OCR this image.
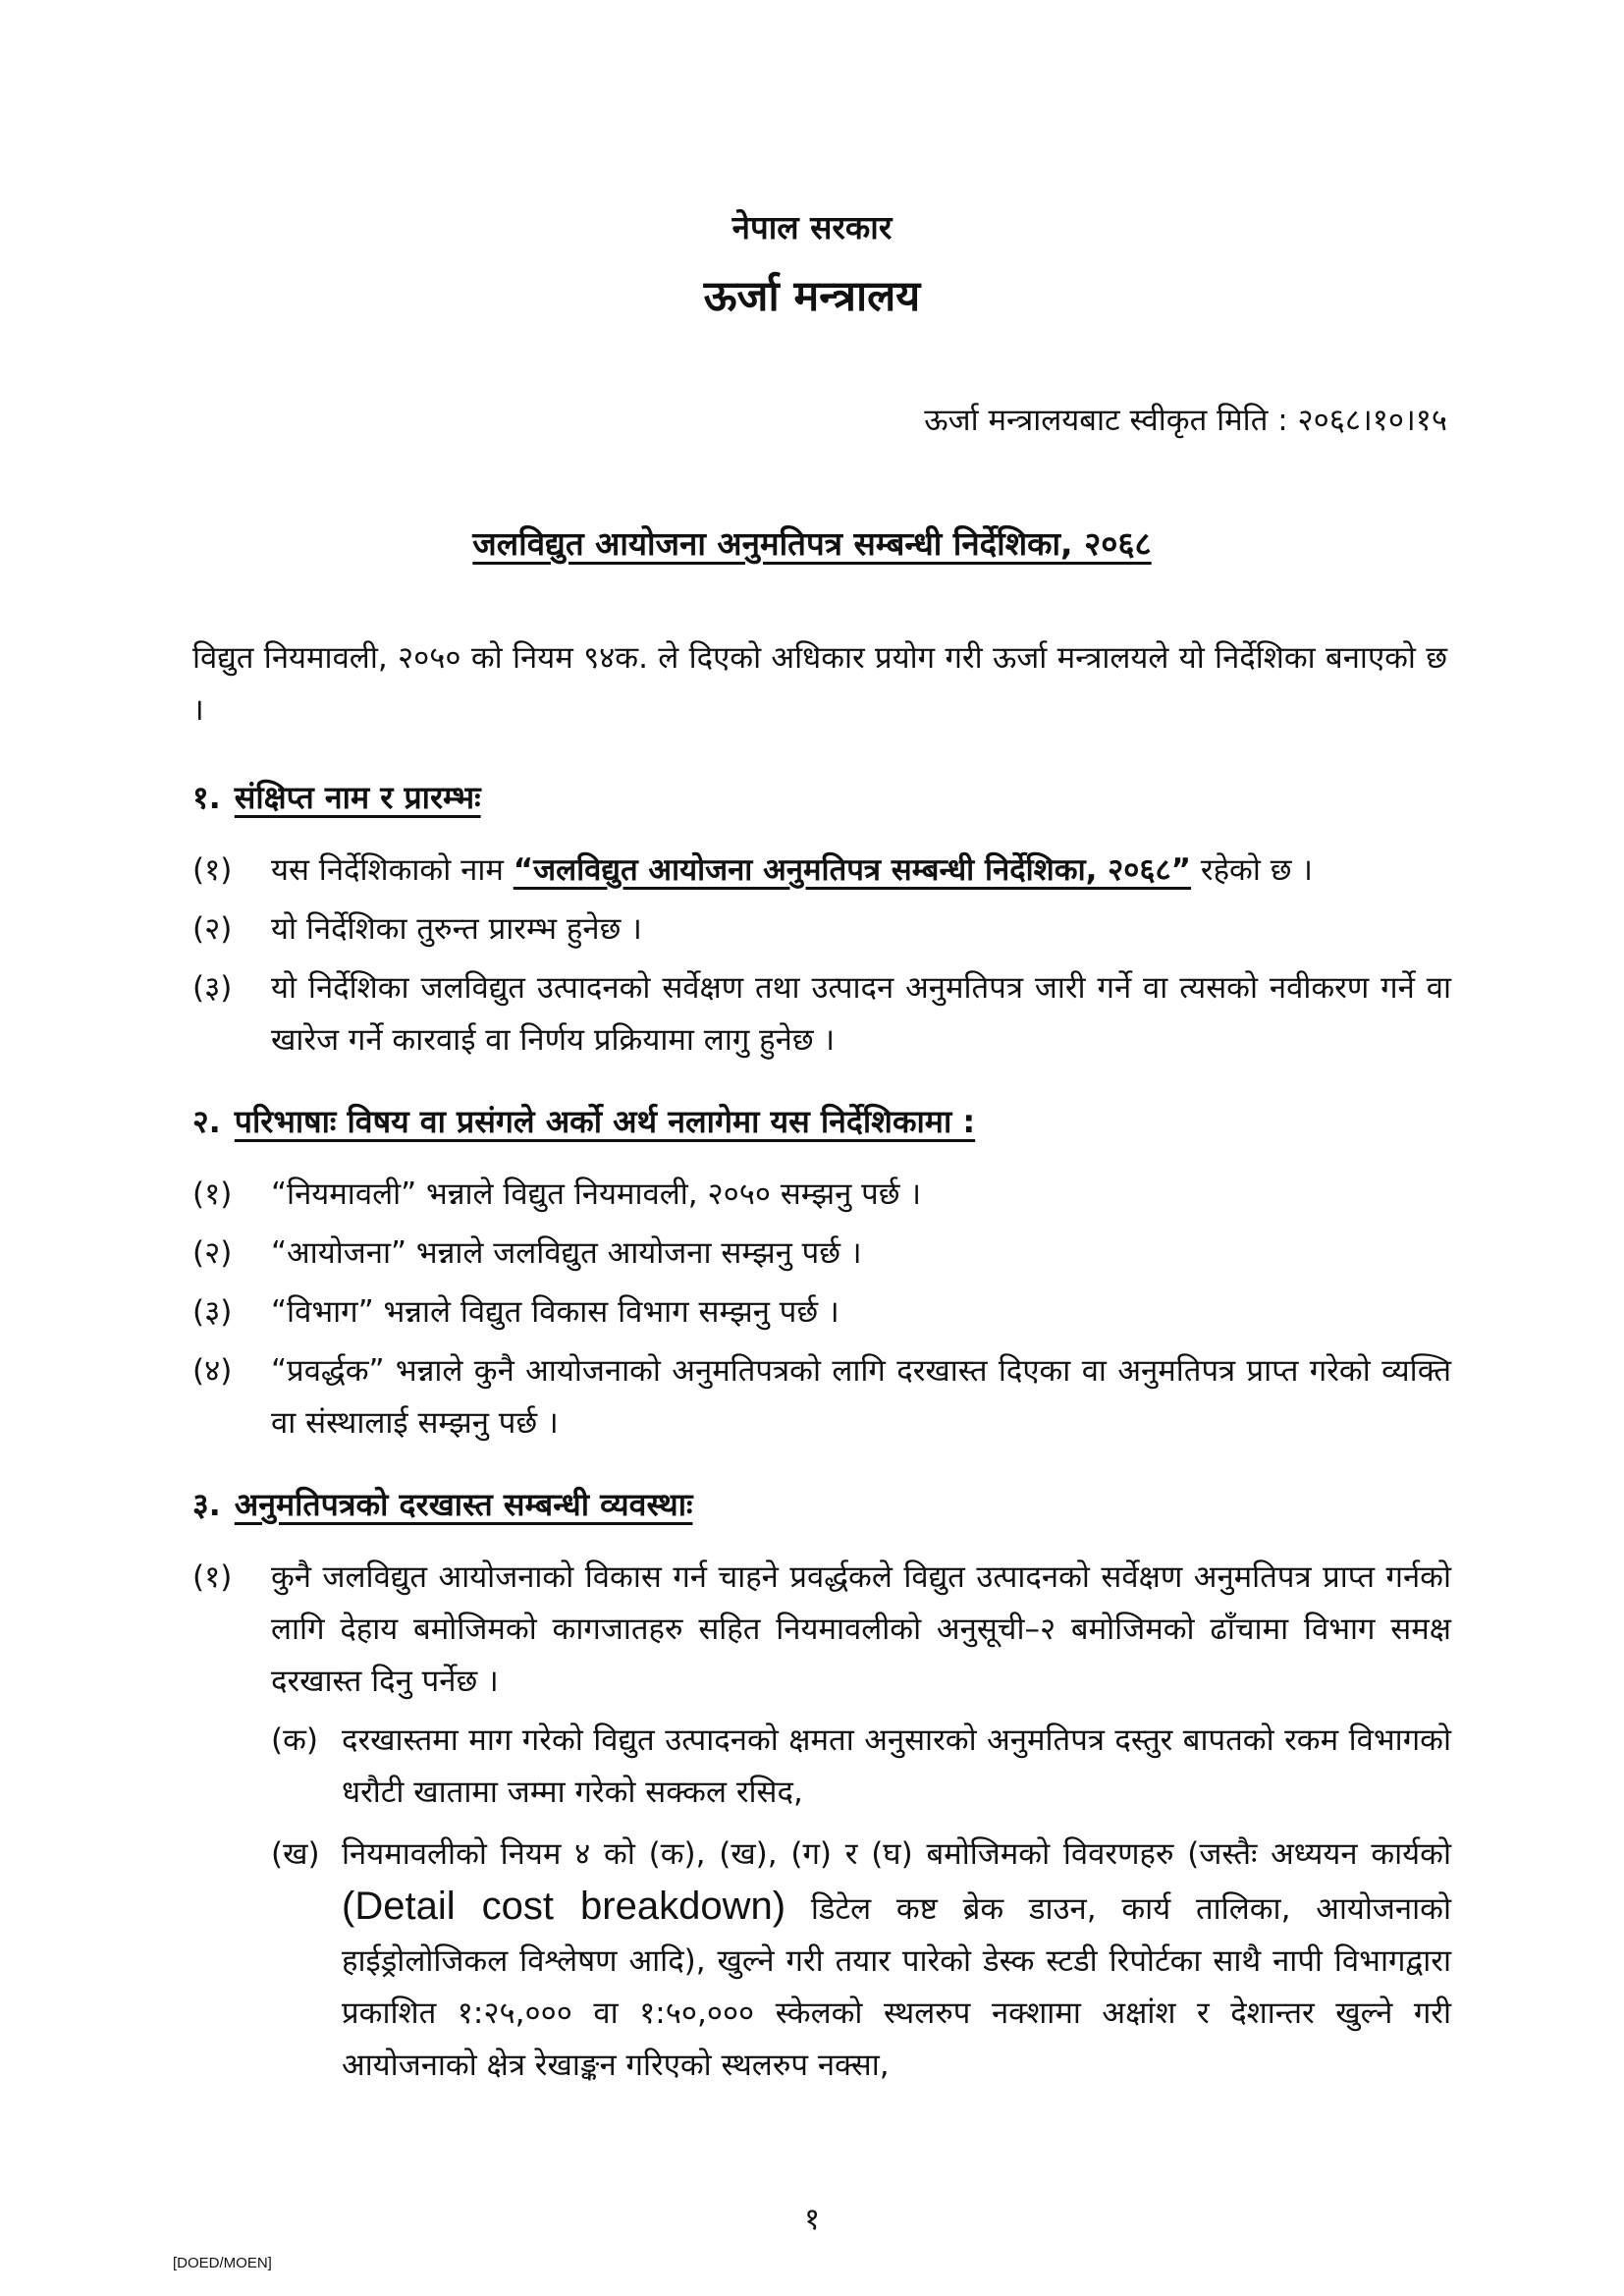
नेपाल सरकार
ऊर्जा मन्त्रालय
ऊर्जा मन्त्रालयबाट स्वीकृत मिति : २०६८।१०।१५
जलविद्युत आयोजना अनुमतिपत्र सम्बन्धी निर्देशिका, २०६८
विद्युत नियमावली, २०५० को नियम ९४क. ले दिएको अधिकार प्रयोग गरी ऊर्जा मन्त्रालयले यो निर्देशिका बनाएको छ ।
१. संक्षिप्त नाम र प्रारम्भः
(१)	यस निर्देशिकाको नाम “जलविद्युत आयोजना अनुमतिपत्र सम्बन्धी निर्देशिका, २०६८” रहेको छ ।
(२)	यो निर्देशिका तुरुन्त प्रारम्भ हुनेछ ।
(३)	यो निर्देशिका जलविद्युत उत्पादनको सर्वेक्षण तथा उत्पादन अनुमतिपत्र जारी गर्ने वा त्यसको नवीकरण गर्ने वा खारेज गर्ने कारवाई वा निर्णय प्रक्रियामा लागु हुनेछ ।
२. परिभाषाः विषय वा प्रसंगले अर्को अर्थ नलागेमा यस निर्देशिकामा :
(१)	“नियमावली” भन्नाले विद्युत नियमावली, २०५० सम्झनु पर्छ ।
(२)	“आयोजना” भन्नाले जलविद्युत आयोजना सम्झनु पर्छ ।
(३)	“विभाग” भन्नाले विद्युत विकास विभाग सम्झनु पर्छ ।
(४)	“प्रवर्द्धक” भन्नाले कुनै आयोजनाको अनुमतिपत्रको लागि दरखास्त दिएका वा अनुमतिपत्र प्राप्त गरेको व्यक्ति वा संस्थालाई सम्झनु पर्छ ।
३. अनुमतिपत्रको दरखास्त सम्बन्धी व्यवस्थाः
(१)	कुनै जलविद्युत आयोजनाको विकास गर्न चाहने प्रवर्द्धकले विद्युत उत्पादनको सर्वेक्षण अनुमतिपत्र प्राप्त गर्नको लागि देहाय बमोजिमको कागजातहरु सहित नियमावलीको अनुसूची–२ बमोजिमको ढाँचामा विभाग समक्ष दरखास्त दिनु पर्नेछ ।
(क) दरखास्तमा माग गरेको विद्युत उत्पादनको क्षमता अनुसारको अनुमतिपत्र दस्तुर बापतको रकम विभागको धरौटी खातामा जम्मा गरेको सक्कल रसिद,
(ख) नियमावलीको नियम ४ को (क), (ख), (ग) र (घ) बमोजिमको विवरणहरु (जस्तैः अध्ययन कार्यको (Detail cost breakdown) डिटेल कष्ट ब्रेक डाउन, कार्य तालिका, आयोजनाको हाईड्रोलोजिकल विश्लेषण आदि), खुल्ने गरी तयार पारेको डेस्क स्टडी रिपोर्टका साथै नापी विभागद्वारा प्रकाशित १:२५,००० वा १:५०,००० स्केलको स्थलरुप नक्शामा अक्षांश र देशान्तर खुल्ने गरी आयोजनाको क्षेत्र रेखाङ्कन गरिएको स्थलरुप नक्सा,
१
[DOED/MOEN]
